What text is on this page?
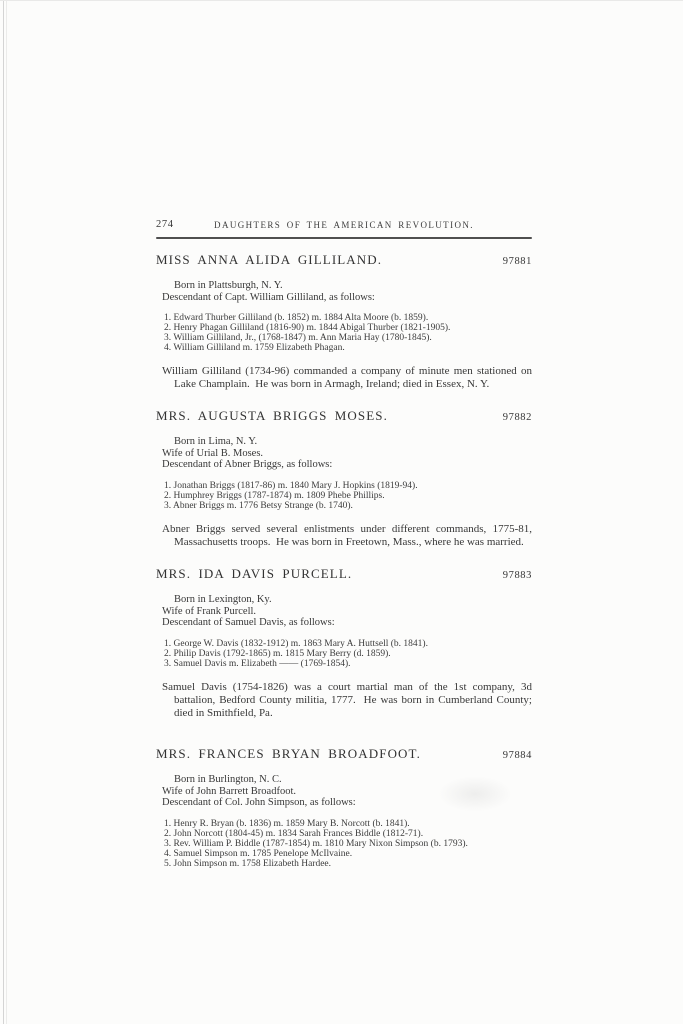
274	DAUGHTERS OF THE AMERICAN REVOLUTION.
MISS ANNA ALIDA GILLILAND.	97881

Born in Plattsburgh, N. Y.

Descendant of Capt. William Gilliland, as follows:

1. Edward Thurber Gilliland (b. 1852) m. 1884 Alta Moore (b. 1859).

2. Henry Phagan Gilliland (1816-90) m. 1844 Abigal Thurber (1821-1905).

3. William Gilliland, Jr., (1768-1847) m. Ann Maria Hay (1780-1845).

4. William Gilliland m. 1759 Elizabeth Phagan.

William Gilliland (1734-96) commanded a company of minute men stationed on Lake Champlain.  He was born in Armagh, Ireland; died in Essex, N. Y.

MRS. AUGUSTA BRIGGS MOSES.	97882

Born in Lima, N. Y.

Wife of Urial B. Moses.

Descendant of Abner Briggs, as follows:

1. Jonathan Briggs (1817-86) m. 1840 Mary J. Hopkins (1819-94).

2. Humphrey Briggs (1787-1874) m. 1809 Phebe Phillips.

3. Abner Briggs m. 1776 Betsy Strange (b. 1740).

Abner Briggs served several enlistments under different commands, 1775-81, Massachusetts troops.  He was born in Freetown, Mass., where he was married.

MRS. IDA DAVIS PURCELL.	97883

Born in Lexington, Ky.

Wife of Frank Purcell.

Descendant of Samuel Davis, as follows:

1. George W. Davis (1832-1912) m. 1863 Mary A. Huttsell (b. 1841).

2. Philip Davis (1792-1865) m. 1815 Mary Berry (d. 1859).

3. Samuel Davis m. Elizabeth —— (1769-1854).

Samuel Davis (1754-1826) was a court martial man of the 1st company, 3d battalion, Bedford County militia, 1777.  He was born in Cumberland County; died in Smithfield, Pa.

MRS. FRANCES BRYAN BROADFOOT.	97884

Born in Burlington, N. C.

Wife of John Barrett Broadfoot.

Descendant of Col. John Simpson, as follows:

1. Henry R. Bryan (b. 1836) m. 1859 Mary B. Norcott (b. 1841).

2. John Norcott (1804-45) m. 1834 Sarah Frances Biddle (1812-71).

3. Rev. William P. Biddle (1787-1854) m. 1810 Mary Nixon Simpson (b. 1793).

4. Samuel Simpson m. 1785 Penelope McIlvaine.

5. John Simpson m. 1758 Elizabeth Hardee.
